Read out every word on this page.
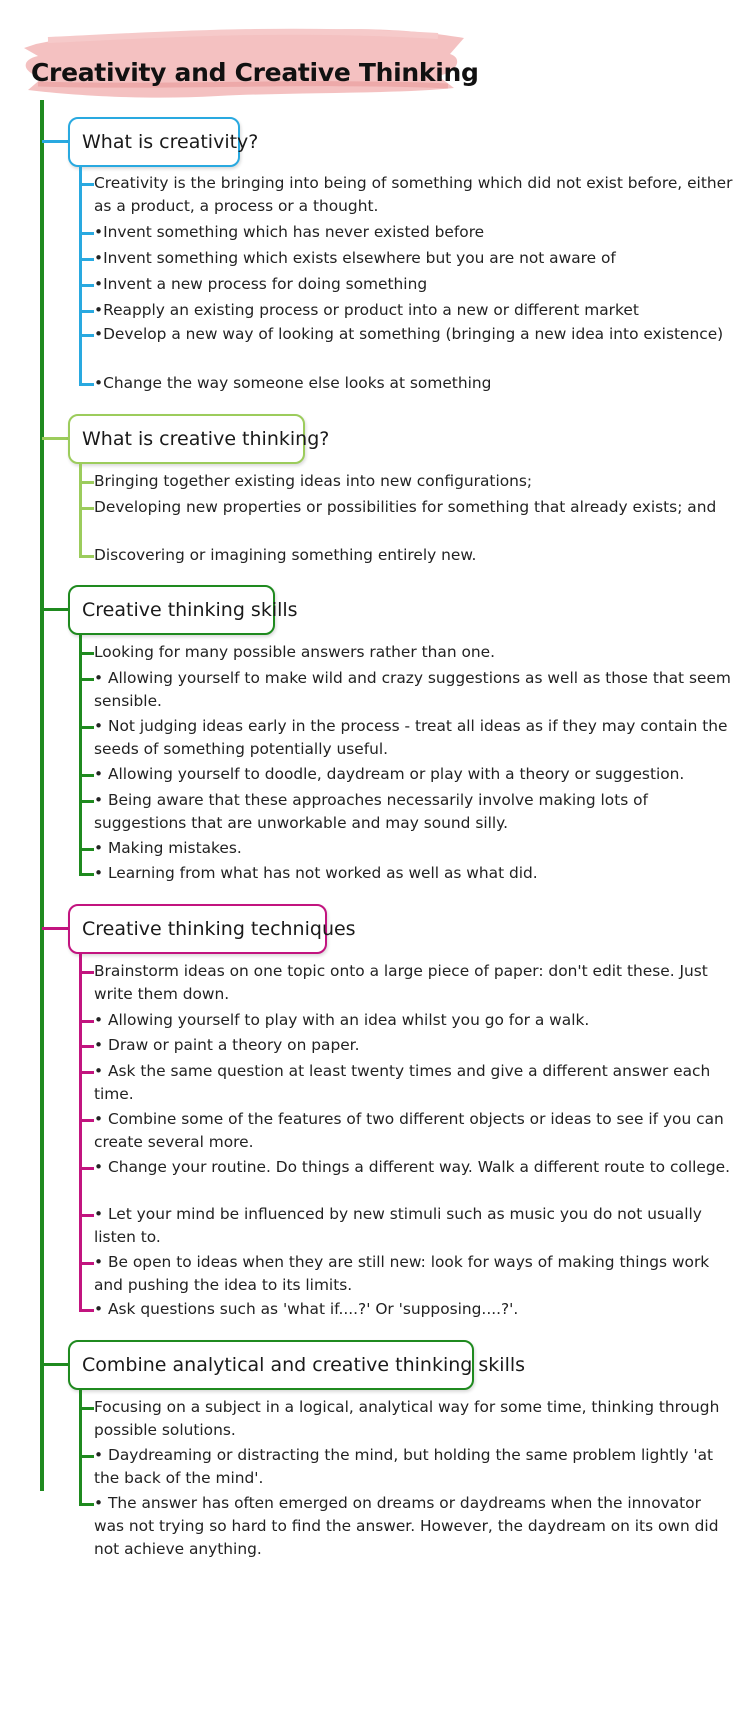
Creativity and Creative Thinking
What is creativity?
Creativity is the bringing into being of something which did not exist before, either as a product, a process or a thought.
•Invent something which has never existed before
•Invent something which exists elsewhere but you are not aware of
•Invent a new process for doing something
•Reapply an existing process or product into a new or different market
•Develop a new way of looking at something (bringing a new idea into existence)
•Change the way someone else looks at something
What is creative thinking?
Bringing together existing ideas into new configurations;
Developing new properties or possibilities for something that already exists; and
Discovering or imagining something entirely new.
Creative thinking skills
Looking for many possible answers rather than one.
• Allowing yourself to make wild and crazy suggestions as well as those that seem sensible.
• Not judging ideas early in the process - treat all ideas as if they may contain the seeds of something potentially useful.
• Allowing yourself to doodle, daydream or play with a theory or suggestion.
• Being aware that these approaches necessarily involve making lots of suggestions that are unworkable and may sound silly.
• Making mistakes.
• Learning from what has not worked as well as what did.
Creative thinking techniques
Brainstorm ideas on one topic onto a large piece of paper: don't edit these. Just write them down.
• Allowing yourself to play with an idea whilst you go for a walk.
• Draw or paint a theory on paper.
• Ask the same question at least twenty times and give a different answer each time.
• Combine some of the features of two different objects or ideas to see if you can create several more.
• Change your routine. Do things a different way. Walk a different route to college.
• Let your mind be influenced by new stimuli such as music you do not usually listen to.
• Be open to ideas when they are still new: look for ways of making things work and pushing the idea to its limits.
• Ask questions such as 'what if....?' Or 'supposing....?'.
Combine analytical and creative thinking skills
Focusing on a subject in a logical, analytical way for some time, thinking through possible solutions.
• Daydreaming or distracting the mind, but holding the same problem lightly 'at the back of the mind'.
• The answer has often emerged on dreams or daydreams when the innovator was not trying so hard to find the answer. However, the daydream on its own did not achieve anything.
